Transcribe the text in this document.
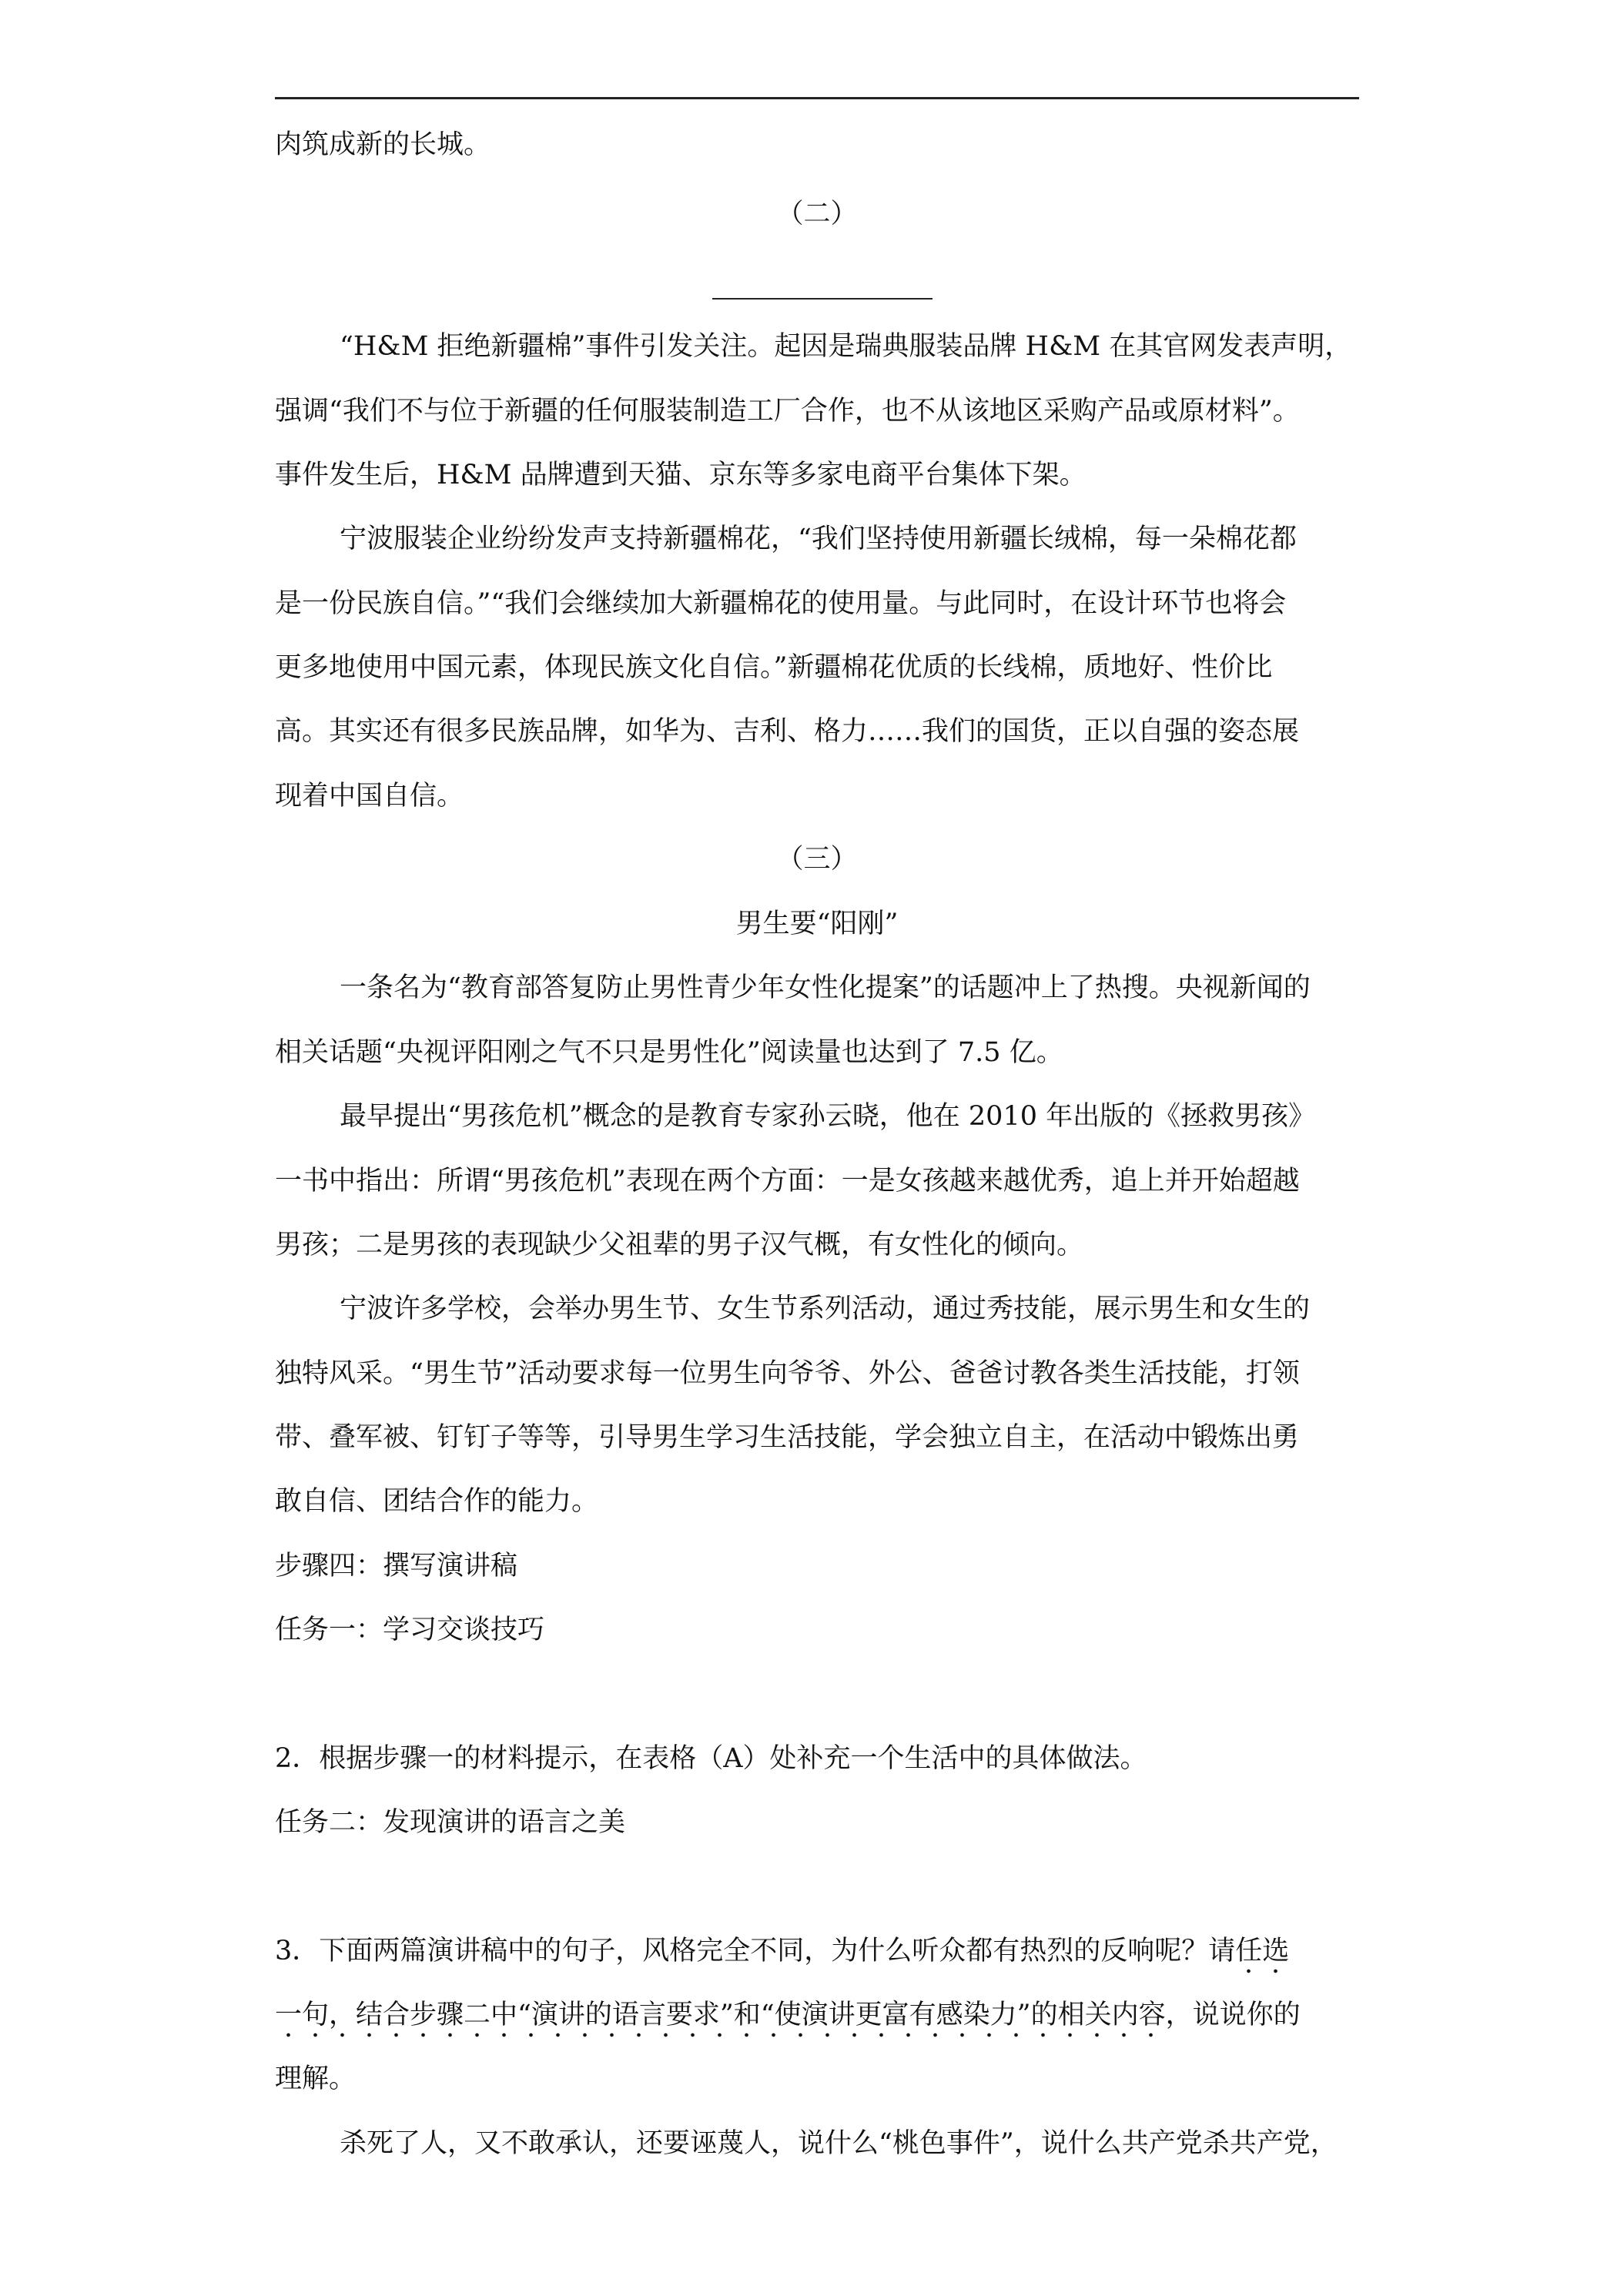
肉筑成新的长城。
（二）
“H&M 拒绝新疆棉”事件引发关注。起因是瑞典服装品牌 H&M 在其官网发表声明，
强调“我们不与位于新疆的任何服装制造工厂合作，也不从该地区采购产品或原材料”。
事件发生后，H&M 品牌遭到天猫、京东等多家电商平台集体下架。
宁波服装企业纷纷发声支持新疆棉花，“我们坚持使用新疆长绒棉，每一朵棉花都
是一份民族自信。”“我们会继续加大新疆棉花的使用量。与此同时，在设计环节也将会
更多地使用中国元素，体现民族文化自信。”新疆棉花优质的长线棉，质地好、性价比
高。其实还有很多民族品牌，如华为、吉利、格力……我们的国货，正以自强的姿态展
现着中国自信。
（三）
男生要“阳刚”
一条名为“教育部答复防止男性青少年女性化提案”的话题冲上了热搜。央视新闻的
相关话题“央视评阳刚之气不只是男性化”阅读量也达到了 7.5 亿。
最早提出“男孩危机”概念的是教育专家孙云晓，他在 2010 年出版的《拯救男孩》
一书中指出：所谓“男孩危机”表现在两个方面：一是女孩越来越优秀，追上并开始超越
男孩；二是男孩的表现缺少父祖辈的男子汉气概，有女性化的倾向。
宁波许多学校，会举办男生节、女生节系列活动，通过秀技能，展示男生和女生的
独特风采。“男生节”活动要求每一位男生向爷爷、外公、爸爸讨教各类生活技能，打领
带、叠军被、钉钉子等等，引导男生学习生活技能，学会独立自主，在活动中锻炼出勇
敢自信、团结合作的能力。
步骤四：撰写演讲稿
任务一：学习交谈技巧
2．根据步骤一的材料提示，在表格（A）处补充一个生活中的具体做法。
任务二：发现演讲的语言之美
3．下面两篇演讲稿中的句子，风格完全不同，为什么听众都有热烈的反响呢？请任选
一句，结合步骤二中“演讲的语言要求”和“使演讲更富有感染力”的相关内容，说说你的
理解。
杀死了人，又不敢承认，还要诬蔑人，说什么“桃色事件”，说什么共产党杀共产党，
